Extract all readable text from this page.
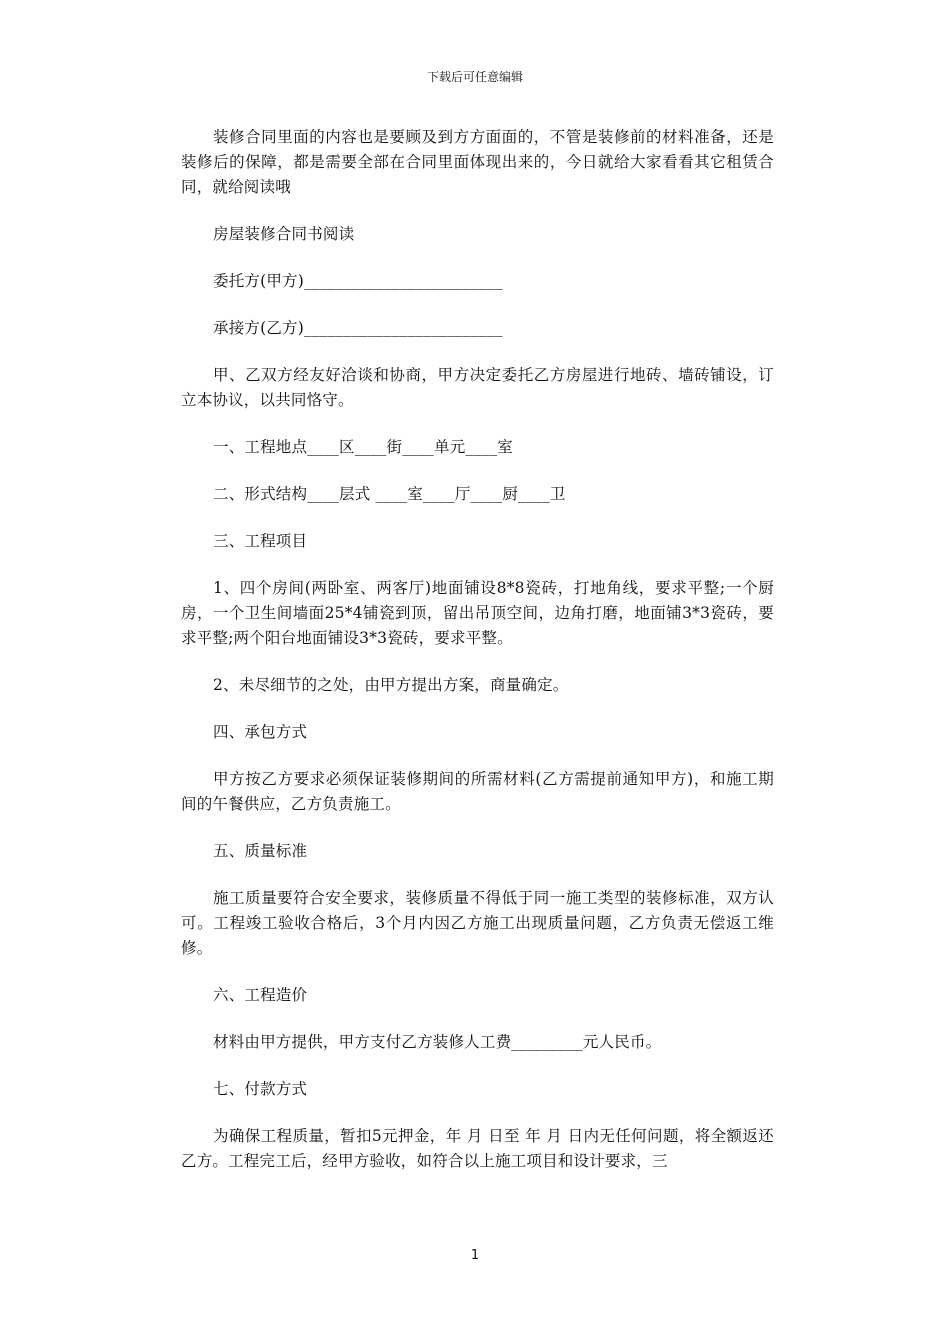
下载后可任意编辑

装修合同里面的内容也是要顾及到方方面面的，不管是装修前的材料准备，还是装修后的保障，都是需要全部在合同里面体现出来的，今日就给大家看看其它租赁合同，就给阅读哦

房屋装修合同书阅读

委托方(甲方)_________________________

承接方(乙方)_________________________

甲、乙双方经友好洽谈和协商，甲方决定委托乙方房屋进行地砖、墙砖铺设，订立本协议，以共同恪守。

一、工程地点____区____街____单元____室

二、形式结构____层式 ____室____厅____厨____卫

三、工程项目

1、四个房间(两卧室、两客厅)地面铺设8*8瓷砖，打地角线，要求平整;一个厨房，一个卫生间墙面25*4铺瓷到顶，留出吊顶空间，边角打磨，地面铺3*3瓷砖，要求平整;两个阳台地面铺设3*3瓷砖，要求平整。

2、未尽细节的之处，由甲方提出方案，商量确定。

四、承包方式

甲方按乙方要求必须保证装修期间的所需材料(乙方需提前通知甲方)，和施工期间的午餐供应，乙方负责施工。

五、质量标准

施工质量要符合安全要求，装修质量不得低于同一施工类型的装修标准，双方认可。工程竣工验收合格后，3个月内因乙方施工出现质量问题，乙方负责无偿返工维修。

六、工程造价

材料由甲方提供，甲方支付乙方装修人工费_________元人民币。

七、付款方式

为确保工程质量，暂扣5元押金，年 月 日至 年 月 日内无任何问题，将全额返还乙方。工程完工后，经甲方验收，如符合以上施工项目和设计要求，三

1
